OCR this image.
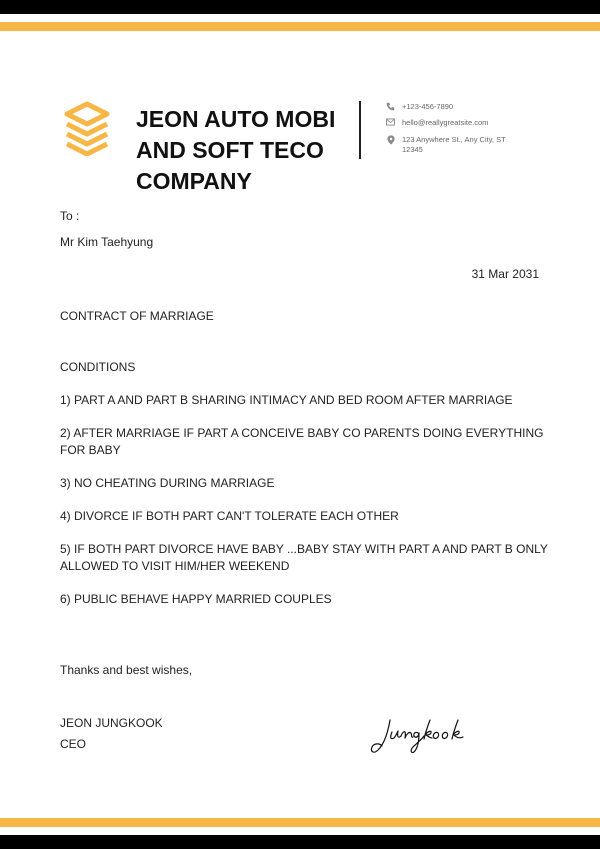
JEON AUTO MOBI AND SOFT TECO COMPANY
+123-456-7890
hello@reallygreatsite.com
123 Anywhere St., Any City, ST 12345
To :
Mr Kim Taehyung
31 Mar 2031
CONTRACT OF MARRIAGE

CONDITIONS

1) PART A AND PART B SHARING INTIMACY AND BED ROOM AFTER MARRIAGE

2) AFTER MARRIAGE IF PART A CONCEIVE BABY CO PARENTS DOING EVERYTHING FOR BABY

3) NO CHEATING DURING MARRIAGE

4) DIVORCE IF BOTH PART CAN'T TOLERATE EACH OTHER

5) IF BOTH PART DIVORCE HAVE BABY ...BABY STAY WITH PART A AND PART B ONLY ALLOWED TO VISIT HIM/HER WEEKEND

6) PUBLIC BEHAVE HAPPY MARRIED COUPLES

Thanks and best wishes,
JEON JUNGKOOK
CEO
